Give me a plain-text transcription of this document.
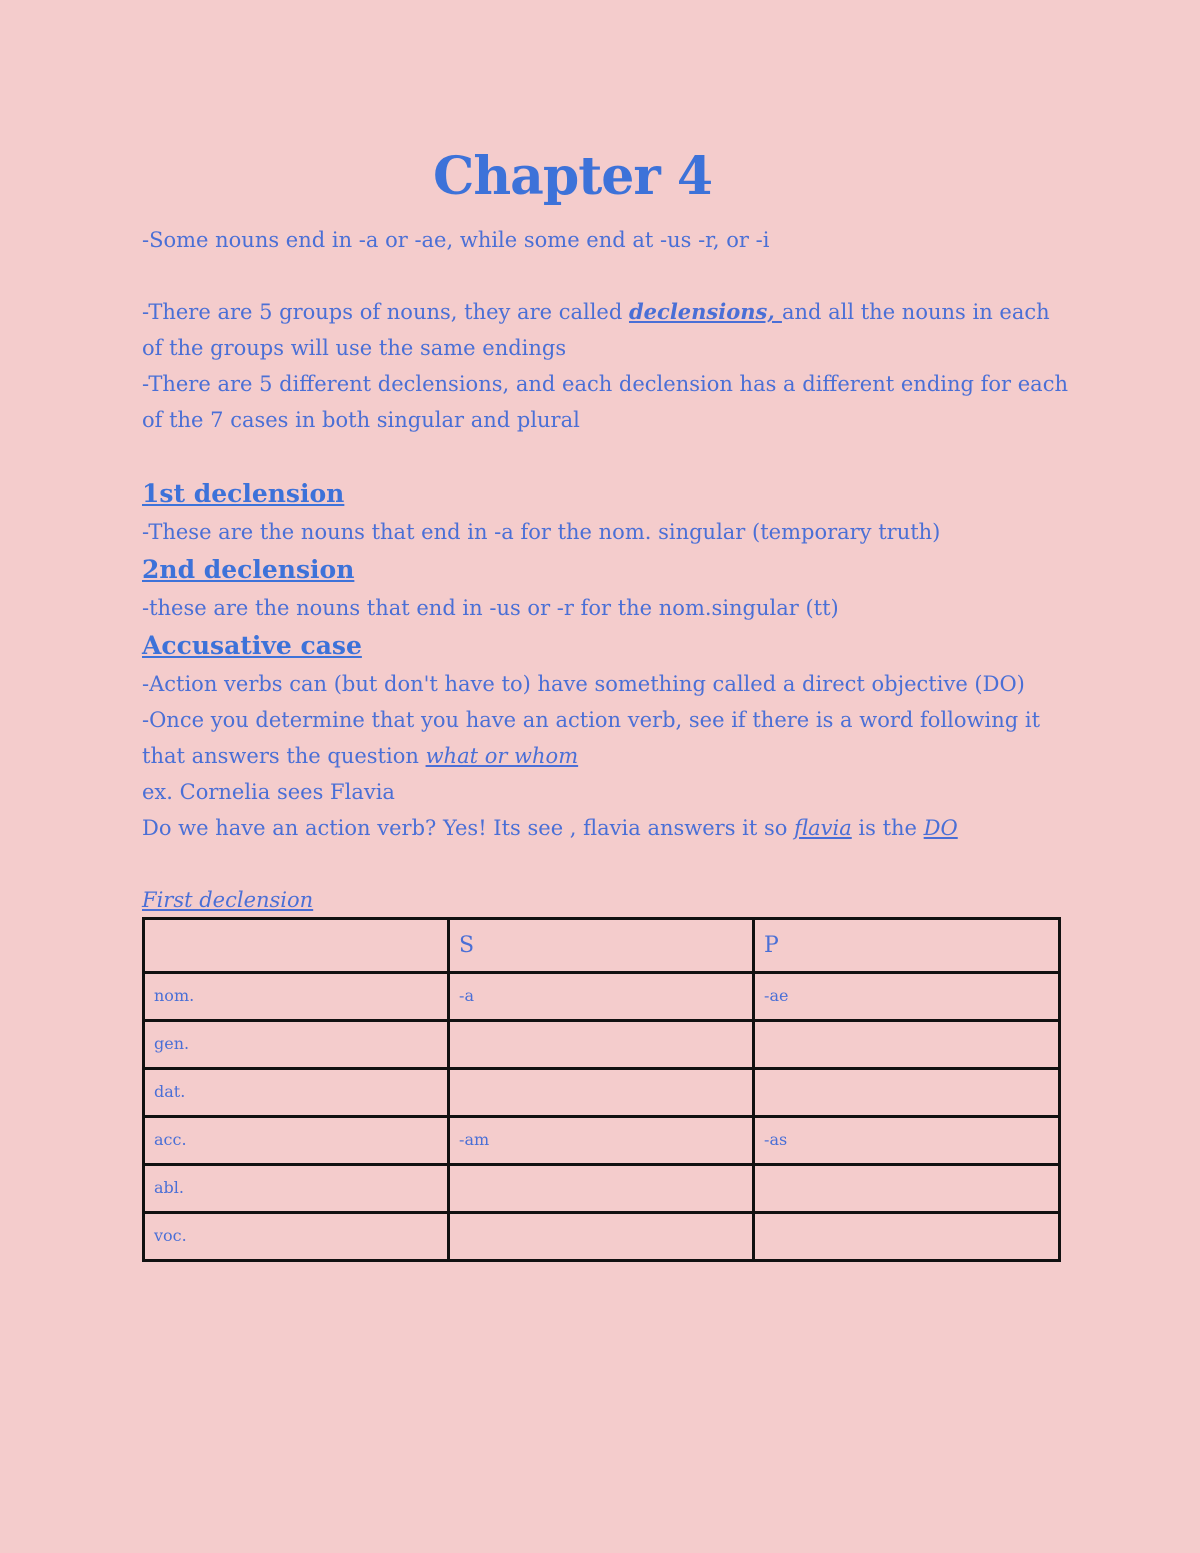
Chapter 4

-Some nouns end in -a or -ae, while some end at -us -r, or -i

-There are 5 groups of nouns, they are called declensions, and all the nouns in each of the groups will use the same endings

-There are 5 different declensions, and each declension has a different ending for each of the 7 cases in both singular and plural

1st declension

-These are the nouns that end in -a for the nom. singular (temporary truth)

2nd declension

-these are the nouns that end in -us or -r for the nom.singular (tt)

Accusative case

-Action verbs can (but don't have to) have something called a direct objective (DO)

-Once you determine that you have an action verb, see if there is a word following it that answers the question what or whom

ex. Cornelia sees Flavia

Do we have an action verb? Yes! Its see , flavia answers it so flavia is the DO

First declension

	S	P
nom.	-a	-ae
gen.		
dat.		
acc.	-am	-as
abl.		
voc.		
